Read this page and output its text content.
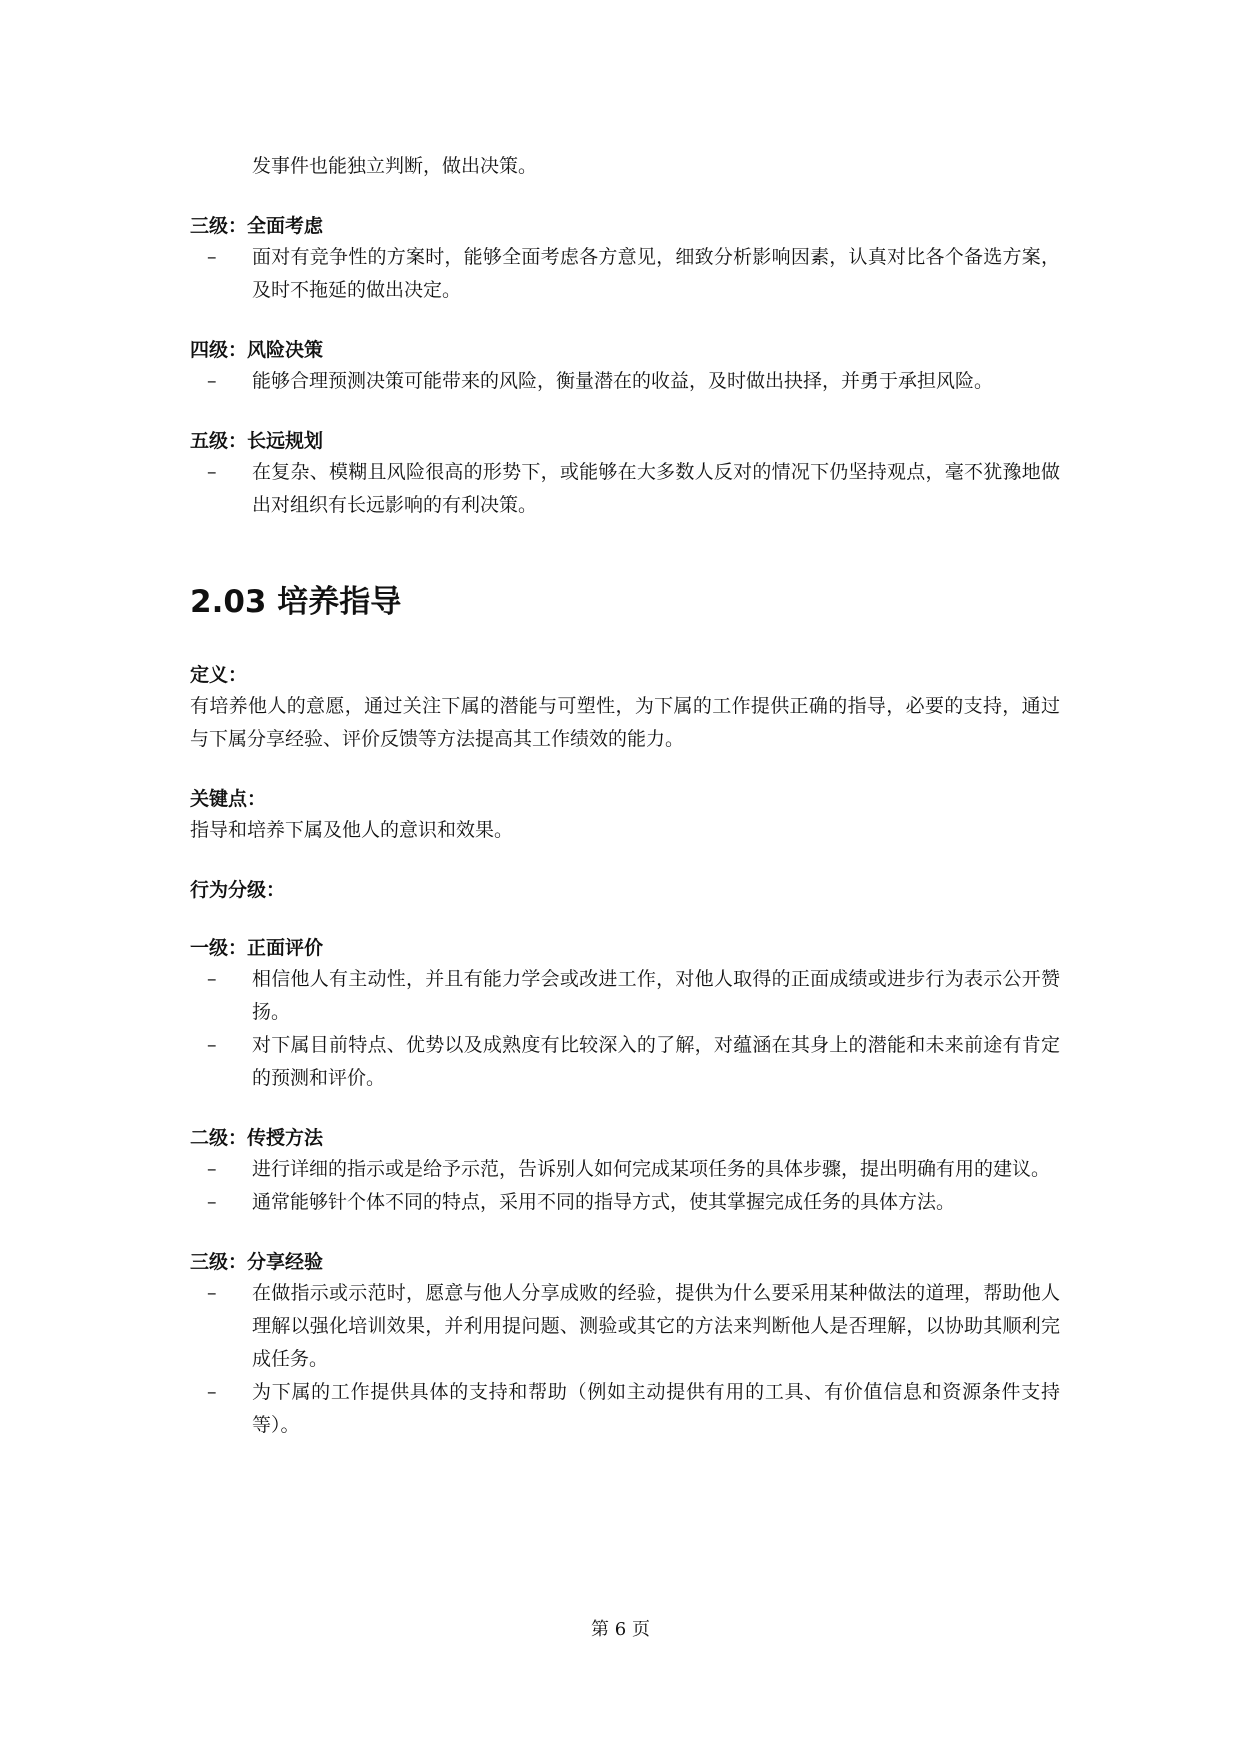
发事件也能独立判断，做出决策。

三级：全面考虑

– 面对有竞争性的方案时，能够全面考虑各方意见，细致分析影响因素，认真对比各个备选方案，及时不拖延的做出决定。

四级：风险决策

– 能够合理预测决策可能带来的风险，衡量潜在的收益，及时做出抉择，并勇于承担风险。

五级：长远规划

– 在复杂、模糊且风险很高的形势下，或能够在大多数人反对的情况下仍坚持观点，毫不犹豫地做出对组织有长远影响的有利决策。
2.03 培养指导

定义：

有培养他人的意愿，通过关注下属的潜能与可塑性，为下属的工作提供正确的指导，必要的支持，通过与下属分享经验、评价反馈等方法提高其工作绩效的能力。

关键点：

指导和培养下属及他人的意识和效果。

行为分级：

一级：正面评价

– 相信他人有主动性，并且有能力学会或改进工作，对他人取得的正面成绩或进步行为表示公开赞扬。
– 对下属目前特点、优势以及成熟度有比较深入的了解，对蕴涵在其身上的潜能和未来前途有肯定的预测和评价。

二级：传授方法

– 进行详细的指示或是给予示范，告诉别人如何完成某项任务的具体步骤，提出明确有用的建议。
– 通常能够针个体不同的特点，采用不同的指导方式，使其掌握完成任务的具体方法。

三级：分享经验

– 在做指示或示范时，愿意与他人分享成败的经验，提供为什么要采用某种做法的道理，帮助他人理解以强化培训效果，并利用提问题、测验或其它的方法来判断他人是否理解，以协助其顺利完成任务。
– 为下属的工作提供具体的支持和帮助（例如主动提供有用的工具、有价值信息和资源条件支持等）。
第 6 页
